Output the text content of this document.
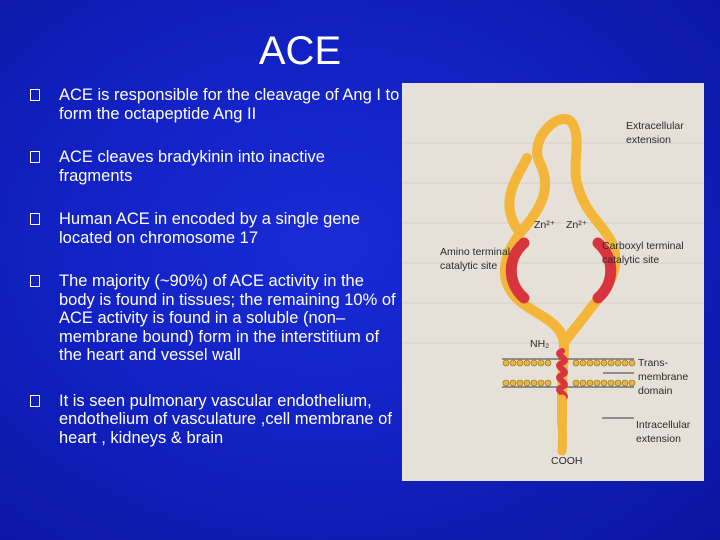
ACE
ACE is responsible for the cleavage of Ang I to form the octapeptide Ang II
ACE cleaves bradykinin into inactive fragments
Human ACE in encoded by a single gene located on chromosome 17
The majority (~90%) of ACE activity in the body is found in tissues; the remaining 10% of ACE activity is found in a soluble (non–membrane bound) form in the interstitium of the heart and vessel wall
It is seen pulmonary vascular endothelium, endothelium of vasculature ,cell membrane of heart , kidneys & brain
Extracellular
extension
Zn²⁺ Zn²⁺
Amino terminal
catalytic site
Carboxyl terminal
catalytic site
NH₂
Trans-
membrane
domain
Intracellular
extension
COOH
